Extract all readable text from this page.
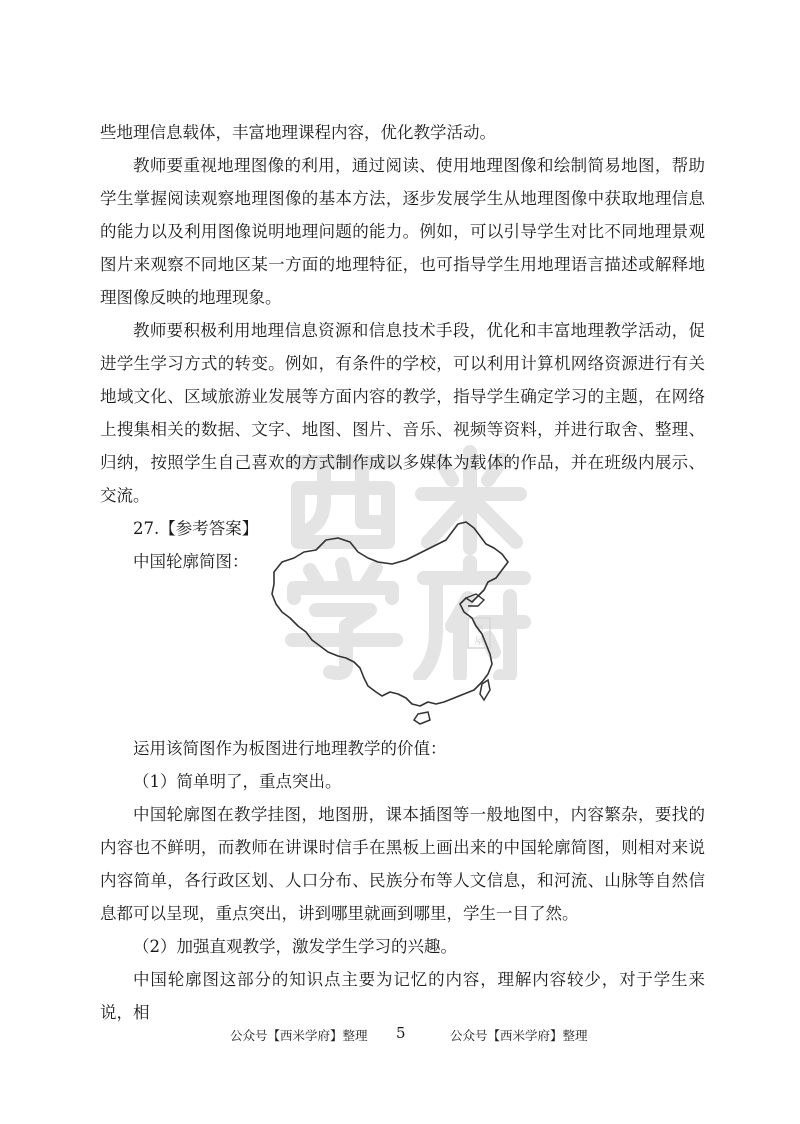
书
屋

些地理信息载体，丰富地理课程内容，优化教学活动。

教师要重视地理图像的利用，通过阅读、使用地理图像和绘制简易地图，帮助学生掌握阅读观察地理图像的基本方法，逐步发展学生从地理图像中获取地理信息的能力以及利用图像说明地理问题的能力。例如，可以引导学生对比不同地理景观图片来观察不同地区某一方面的地理特征，也可指导学生用地理语言描述或解释地理图像反映的地理现象。

教师要积极利用地理信息资源和信息技术手段，优化和丰富地理教学活动，促进学生学习方式的转变。例如，有条件的学校，可以利用计算机网络资源进行有关地域文化、区域旅游业发展等方面内容的教学，指导学生确定学习的主题，在网络上搜集相关的数据、文字、地图、图片、音乐、视频等资料，并进行取舍、整理、归纳，按照学生自己喜欢的方式制作成以多媒体为载体的作品，并在班级内展示、交流。

27.【参考答案】

中国轮廓简图：

运用该简图作为板图进行地理教学的价值：

（1）简单明了，重点突出。

中国轮廓图在教学挂图，地图册，课本插图等一般地图中，内容繁杂，要找的内容也不鲜明，而教师在讲课时信手在黑板上画出来的中国轮廓简图，则相对来说内容简单，各行政区划、人口分布、民族分布等人文信息，和河流、山脉等自然信息都可以呈现，重点突出，讲到哪里就画到哪里，学生一目了然。

（2）加强直观教学，激发学生学习的兴趣。

中国轮廓图这部分的知识点主要为记忆的内容，理解内容较少，对于学生来说，相

公众号【西米学府】整理 5	公众号【西米学府】整理
